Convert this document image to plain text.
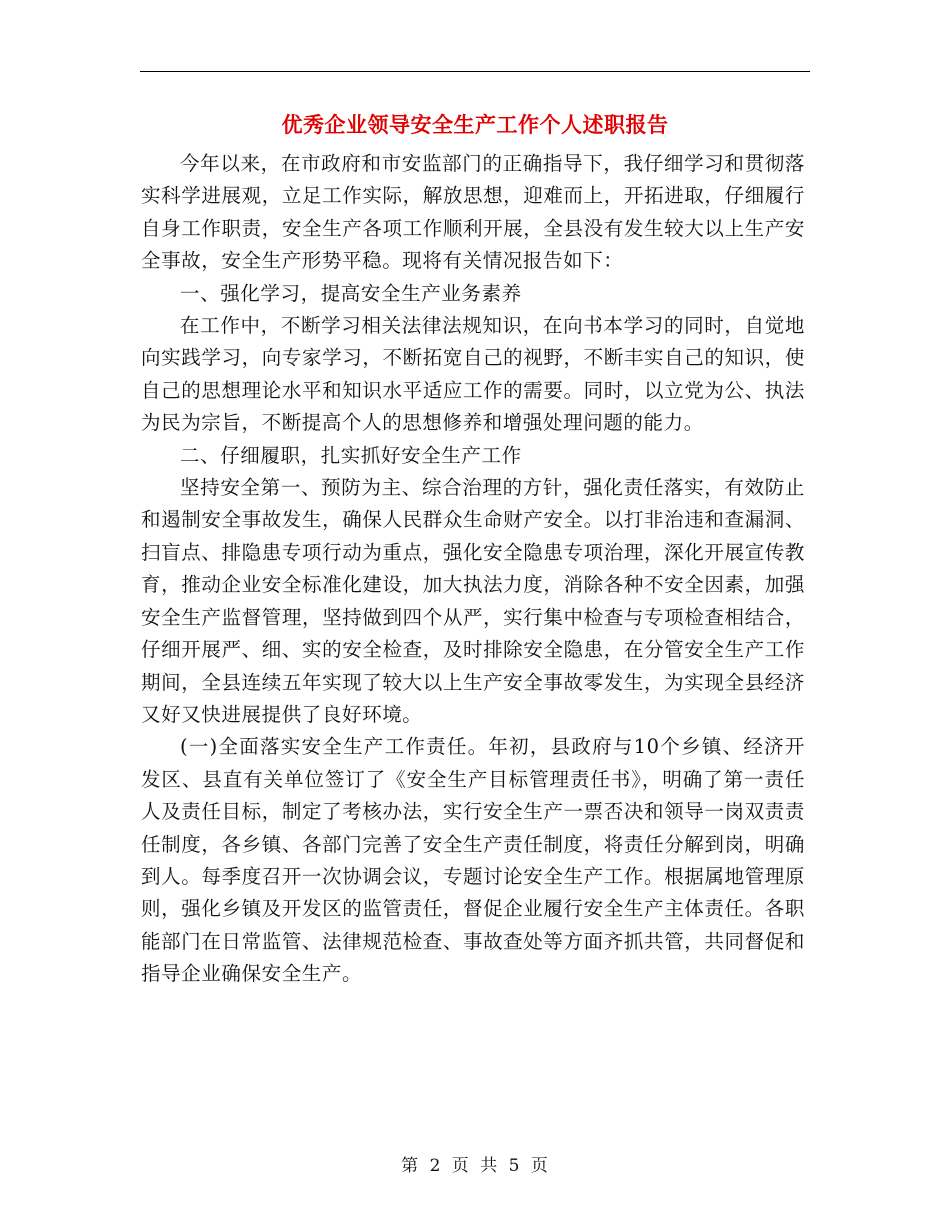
优秀企业领导安全生产工作个人述职报告

今年以来，在市政府和市安监部门的正确指导下，我仔细学习和贯彻落实科学进展观，立足工作实际，解放思想，迎难而上，开拓进取，仔细履行自身工作职责，安全生产各项工作顺利开展，全县没有发生较大以上生产安全事故，安全生产形势平稳。现将有关情况报告如下：

一、强化学习，提高安全生产业务素养

在工作中，不断学习相关法律法规知识，在向书本学习的同时，自觉地向实践学习，向专家学习，不断拓宽自己的视野，不断丰实自己的知识，使自己的思想理论水平和知识水平适应工作的需要。同时，以立党为公、执法为民为宗旨，不断提高个人的思想修养和增强处理问题的能力。

二、仔细履职，扎实抓好安全生产工作

坚持安全第一、预防为主、综合治理的方针，强化责任落实，有效防止和遏制安全事故发生，确保人民群众生命财产安全。以打非治违和查漏洞、扫盲点、排隐患专项行动为重点，强化安全隐患专项治理，深化开展宣传教育，推动企业安全标准化建设，加大执法力度，消除各种不安全因素，加强安全生产监督管理，坚持做到四个从严，实行集中检查与专项检查相结合，仔细开展严、细、实的安全检查，及时排除安全隐患，在分管安全生产工作期间，全县连续五年实现了较大以上生产安全事故零发生，为实现全县经济又好又快进展提供了良好环境。

(一)全面落实安全生产工作责任。年初，县政府与10个乡镇、经济开发区、县直有关单位签订了《安全生产目标管理责任书》，明确了第一责任人及责任目标，制定了考核办法，实行安全生产一票否决和领导一岗双责责任制度，各乡镇、各部门完善了安全生产责任制度，将责任分解到岗，明确到人。每季度召开一次协调会议，专题讨论安全生产工作。根据属地管理原则，强化乡镇及开发区的监管责任，督促企业履行安全生产主体责任。各职能部门在日常监管、法律规范检查、事故查处等方面齐抓共管，共同督促和指导企业确保安全生产。

第 2 页 共 5 页
